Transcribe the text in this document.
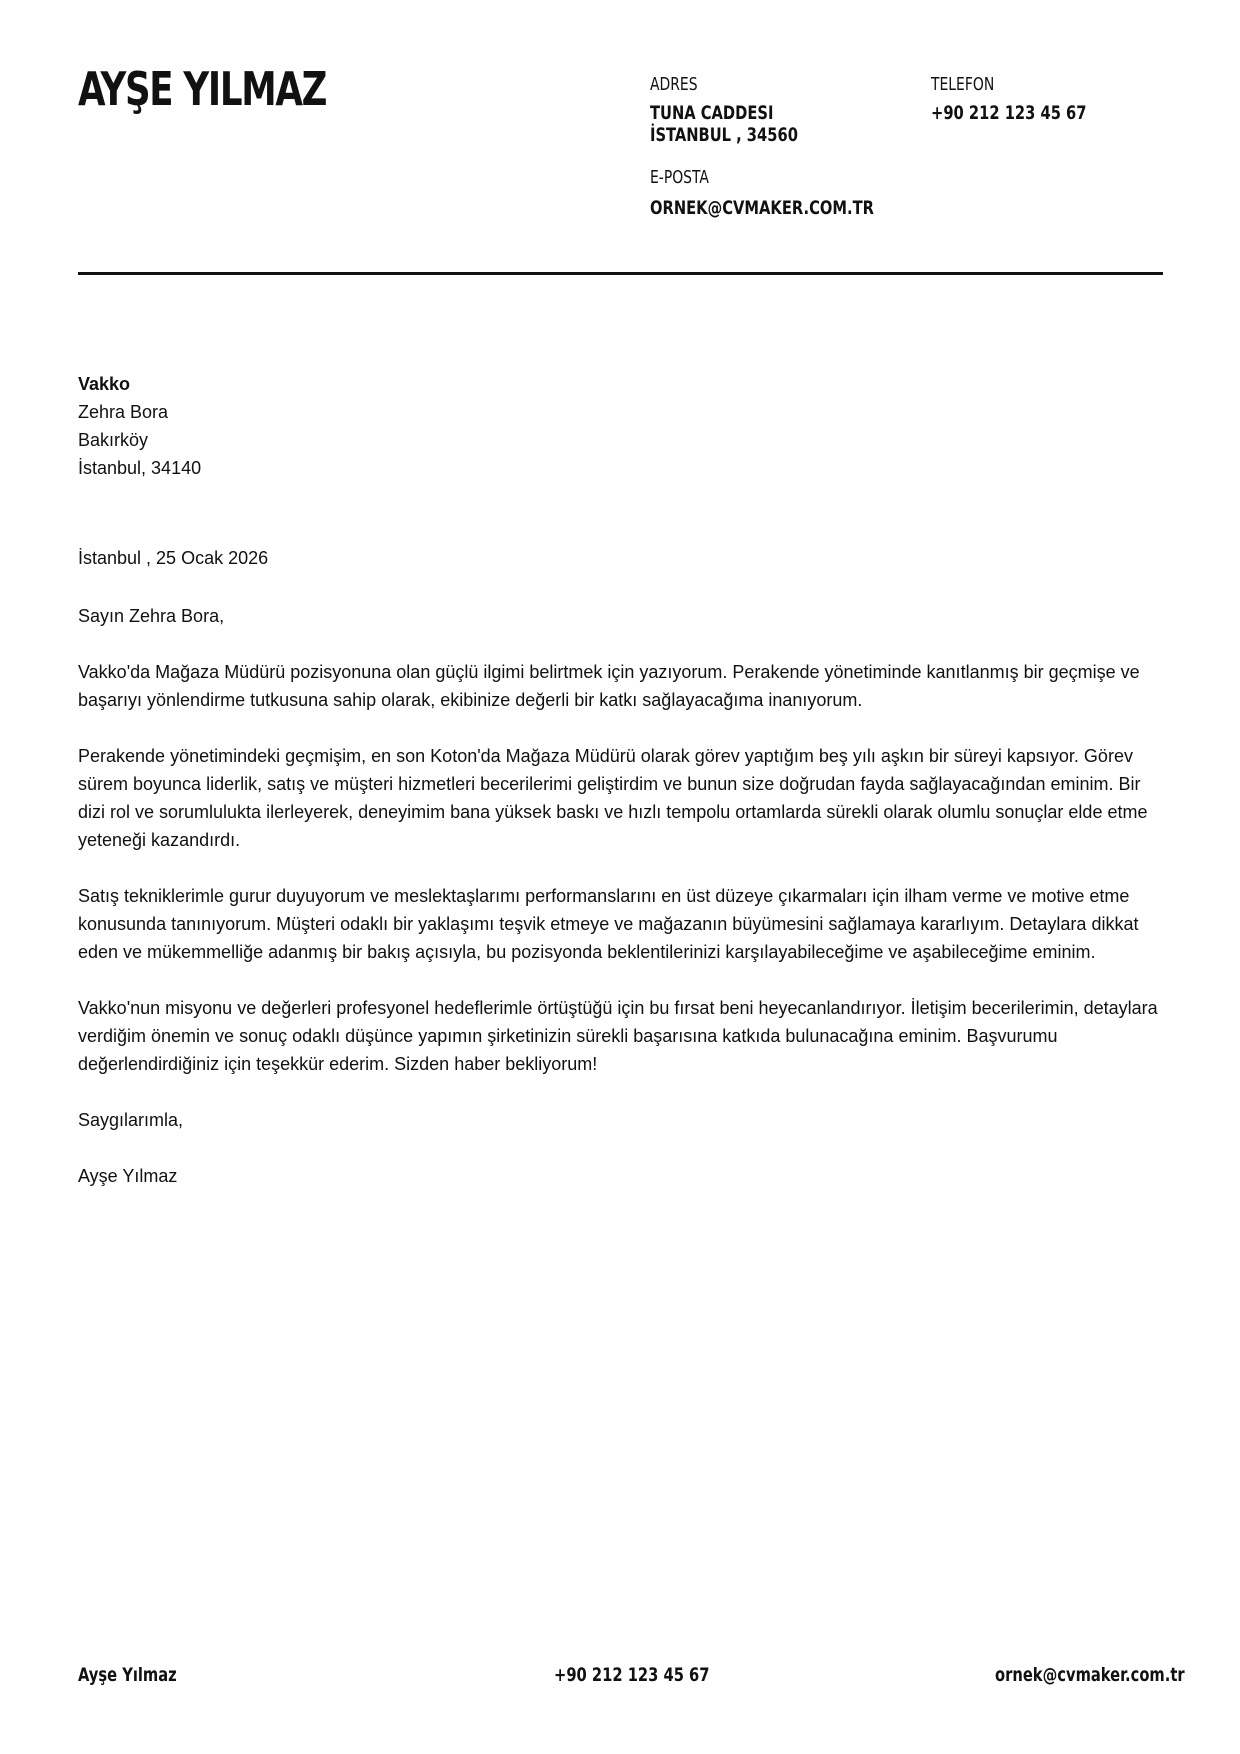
AYŞE YILMAZ	ADRES
TUNA CADDESI
İSTANBUL , 34560
TELEFON
+90 212 123 45 67
E-POSTA
ORNEK@CVMAKER.COM.TR
Vakko
Zehra Bora
Bakırköy
İstanbul, 34140

İstanbul , 25 Ocak 2026

Sayın Zehra Bora,

Vakko'da Mağaza Müdürü pozisyonuna olan güçlü ilgimi belirtmek için yazıyorum. Perakende yönetiminde kanıtlanmış bir geçmişe ve başarıyı yönlendirme tutkusuna sahip olarak, ekibinize değerli bir katkı sağlayacağıma inanıyorum.

Perakende yönetimindeki geçmişim, en son Koton'da Mağaza Müdürü olarak görev yaptığım beş yılı aşkın bir süreyi kapsıyor. Görev sürem boyunca liderlik, satış ve müşteri hizmetleri becerilerimi geliştirdim ve bunun size doğrudan fayda sağlayacağından eminim. Bir dizi rol ve sorumlulukta ilerleyerek, deneyimim bana yüksek baskı ve hızlı tempolu ortamlarda sürekli olarak olumlu sonuçlar elde etme yeteneği kazandırdı.

Satış tekniklerimle gurur duyuyorum ve meslektaşlarımı performanslarını en üst düzeye çıkarmaları için ilham verme ve motive etme konusunda tanınıyorum. Müşteri odaklı bir yaklaşımı teşvik etmeye ve mağazanın büyümesini sağlamaya kararlıyım. Detaylara dikkat eden ve mükemmelliğe adanmış bir bakış açısıyla, bu pozisyonda beklentilerinizi karşılayabileceğime ve aşabileceğime eminim.

Vakko'nun misyonu ve değerleri profesyonel hedeflerimle örtüştüğü için bu fırsat beni heyecanlandırıyor. İletişim becerilerimin, detaylara verdiğim önemin ve sonuç odaklı düşünce yapımın şirketinizin sürekli başarısına katkıda bulunacağına eminim. Başvurumu değerlendirdiğiniz için teşekkür ederim. Sizden haber bekliyorum!

Saygılarımla,

Ayşe Yılmaz

Ayşe Yılmaz	+90 212 123 45 67	ornek@cvmaker.com.tr
